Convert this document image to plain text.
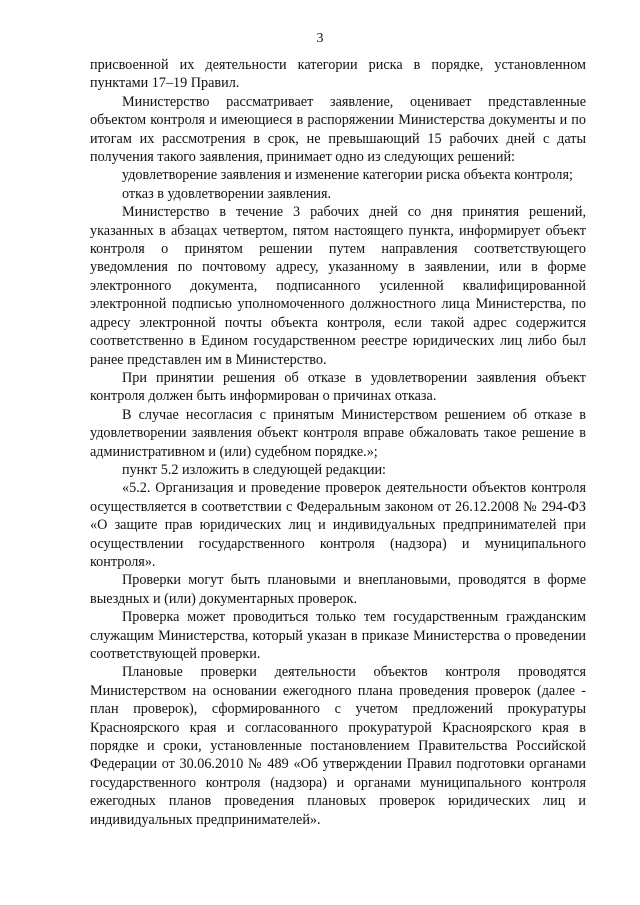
3

присвоенной их деятельности категории риска в порядке, установленном пунктами 17–19 Правил.

Министерство рассматривает заявление, оценивает представленные объектом контроля и имеющиеся в распоряжении Министерства документы и по итогам их рассмотрения в срок, не превышающий 15 рабочих дней с даты получения такого заявления, принимает одно из следующих решений:

удовлетворение заявления и изменение категории риска объекта контроля;

отказ в удовлетворении заявления.

Министерство в течение 3 рабочих дней со дня принятия решений, указанных в абзацах четвертом, пятом настоящего пункта, информирует объект контроля о принятом решении путем направления соответствующего уведомления по почтовому адресу, указанному в заявлении, или в форме электронного документа, подписанного усиленной квалифицированной электронной подписью уполномоченного должностного лица Министерства, по адресу электронной почты объекта контроля, если такой адрес содержится соответственно в Едином государственном реестре юридических лиц либо был ранее представлен им в Министерство.

При принятии решения об отказе в удовлетворении заявления объект контроля должен быть информирован о причинах отказа.

В случае несогласия с принятым Министерством решением об отказе в удовлетворении заявления объект контроля вправе обжаловать такое решение в административном и (или) судебном порядке.»;

пункт 5.2 изложить в следующей редакции:

«5.2. Организация и проведение проверок деятельности объектов контроля осуществляется в соответствии с Федеральным законом от 26.12.2008 № 294-ФЗ «О защите прав юридических лиц и индивидуальных предпринимателей при осуществлении государственного контроля (надзора) и муниципального контроля».

Проверки могут быть плановыми и внеплановыми, проводятся в форме выездных и (или) документарных проверок.

Проверка может проводиться только тем государственным гражданским служащим Министерства, который указан в приказе Министерства о проведении соответствующей проверки.

Плановые проверки деятельности объектов контроля проводятся Министерством на основании ежегодного плана проведения проверок (далее - план проверок), сформированного с учетом предложений прокуратуры Красноярского края и согласованного прокуратурой Красноярского края в порядке и сроки, установленные постановлением Правительства Российской Федерации от 30.06.2010 № 489 «Об утверждении Правил подготовки органами государственного контроля (надзора) и органами муниципального контроля ежегодных планов проведения плановых проверок юридических лиц и индивидуальных предпринимателей».
